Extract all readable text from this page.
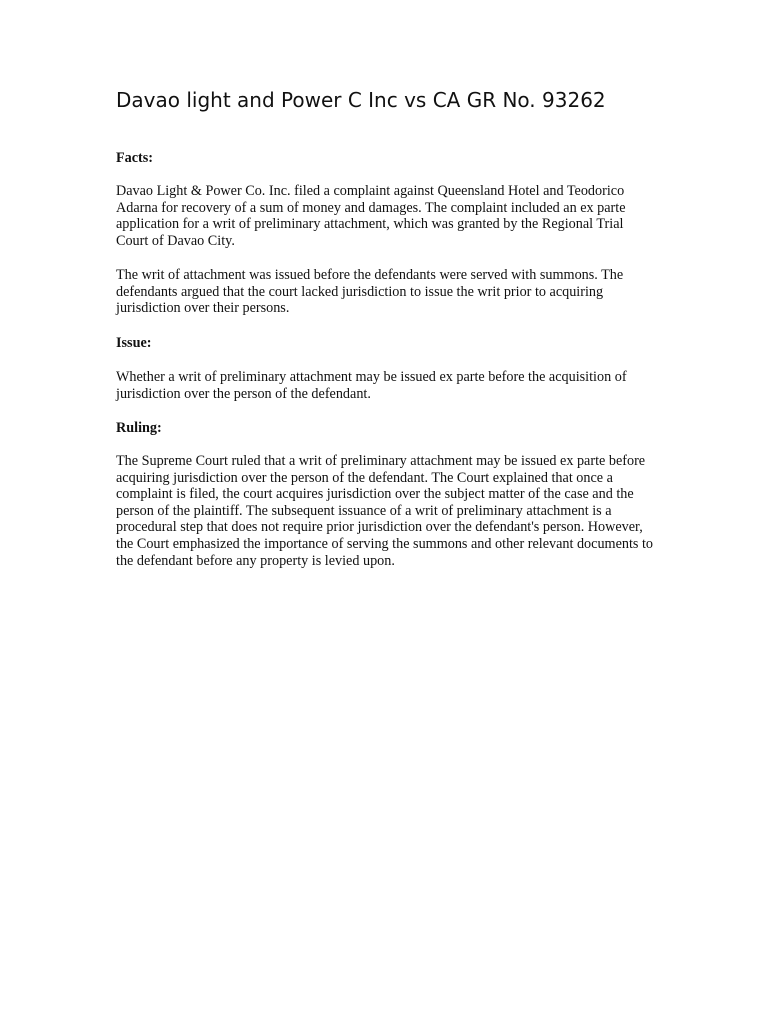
Davao light and Power C Inc vs CA GR No. 93262

Facts:

Davao Light & Power Co. Inc. filed a complaint against Queensland Hotel and Teodorico Adarna for recovery of a sum of money and damages. The complaint included an ex parte application for a writ of preliminary attachment, which was granted by the Regional Trial Court of Davao City.

The writ of attachment was issued before the defendants were served with summons. The defendants argued that the court lacked jurisdiction to issue the writ prior to acquiring jurisdiction over their persons.

Issue:

Whether a writ of preliminary attachment may be issued ex parte before the acquisition of jurisdiction over the person of the defendant.

Ruling:

The Supreme Court ruled that a writ of preliminary attachment may be issued ex parte before acquiring jurisdiction over the person of the defendant. The Court explained that once a complaint is filed, the court acquires jurisdiction over the subject matter of the case and the person of the plaintiff. The subsequent issuance of a writ of preliminary attachment is a procedural step that does not require prior jurisdiction over the defendant's person. However, the Court emphasized the importance of serving the summons and other relevant documents to the defendant before any property is levied upon.
